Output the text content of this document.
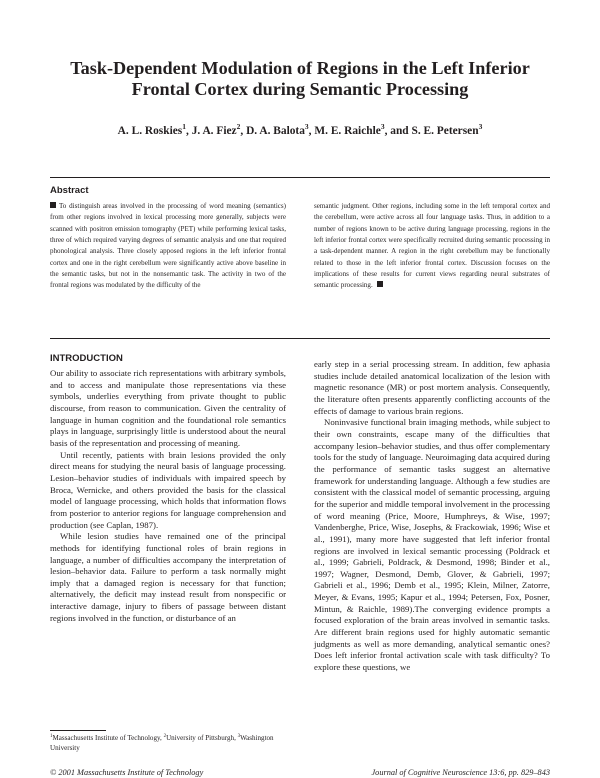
Task-Dependent Modulation of Regions in the Left Inferior Frontal Cortex during Semantic Processing
A. L. Roskies$^1$, J. A. Fiez$^2$, D. A. Balota$^3$, M. E. Raichle$^3$, and S. E. Petersen$^3$
Abstract

To distinguish areas involved in the processing of word meaning (semantics) from other regions involved in lexical processing more generally, subjects were scanned with positron emission tomography (PET) while performing lexical tasks, three of which required varying degrees of semantic analysis and one that required phonological analysis. Three closely apposed regions in the left inferior frontal cortex and one in the right cerebellum were significantly active above baseline in the semantic tasks, but not in the nonsemantic task. The activity in two of the frontal regions was modulated by the difficulty of the

semantic judgment. Other regions, including some in the left temporal cortex and the cerebellum, were active across all four language tasks. Thus, in addition to a number of regions known to be active during language processing, regions in the left inferior frontal cortex were specifically recruited during semantic processing in a task-dependent manner. A region in the right cerebellum may be functionally related to those in the left inferior frontal cortex. Discussion focuses on the implications of these results for current views regarding neural substrates of semantic processing.

INTRODUCTION

Our ability to associate rich representations with arbitrary symbols, and to access and manipulate those representations via these symbols, underlies everything from private thought to public discourse, from reason to communication. Given the centrality of language in human cognition and the foundational role semantics plays in language, surprisingly little is understood about the neural basis of the representation and processing of meaning.

Until recently, patients with brain lesions provided the only direct means for studying the neural basis of language processing. Lesion–behavior studies of individuals with impaired speech by Broca, Wernicke, and others provided the basis for the classical model of language processing, which holds that information flows from posterior to anterior regions for language comprehension and production (see Caplan, 1987).

While lesion studies have remained one of the principal methods for identifying functional roles of brain regions in language, a number of difficulties accompany the interpretation of lesion–behavior data. Failure to perform a task normally might imply that a damaged region is necessary for that function; alternatively, the deficit may instead result from nonspecific or interactive damage, injury to fibers of passage between distant regions involved in the function, or disturbance of an

early step in a serial processing stream. In addition, few aphasia studies include detailed anatomical localization of the lesion with magnetic resonance (MR) or post mortem analysis. Consequently, the literature often presents apparently conflicting accounts of the effects of damage to various brain regions.

Noninvasive functional brain imaging methods, while subject to their own constraints, escape many of the difficulties that accompany lesion–behavior studies, and thus offer complementary tools for the study of language. Neuroimaging data acquired during the performance of semantic tasks suggest an alternative framework for understanding language. Although a few studies are consistent with the classical model of semantic processing, arguing for the superior and middle temporal involvement in the processing of word meaning (Price, Moore, Humphreys, & Wise, 1997; Vandenberghe, Price, Wise, Josephs, & Frackowiak, 1996; Wise et al., 1991), many more have suggested that left inferior frontal regions are involved in lexical semantic processing (Poldrack et al., 1999; Gabrieli, Poldrack, & Desmond, 1998; Binder et al., 1997; Wagner, Desmond, Demb, Glover, & Gabrieli, 1997; Gabrieli et al., 1996; Demb et al., 1995; Klein, Milner, Zatorre, Meyer, & Evans, 1995; Kapur et al., 1994; Petersen, Fox, Posner, Mintun, & Raichle, 1989).The converging evidence prompts a focused exploration of the brain areas involved in semantic tasks. Are different brain regions used for highly automatic semantic judgments as well as more demanding, analytical semantic ones? Does left inferior frontal activation scale with task difficulty? To explore these questions, we

$^1$Massachusetts Institute of Technology, $^2$University of Pittsburgh, $^3$Washington University

© 2001 Massachusetts Institute of Technology	Journal of Cognitive Neuroscience 13:6, pp. 829–843
